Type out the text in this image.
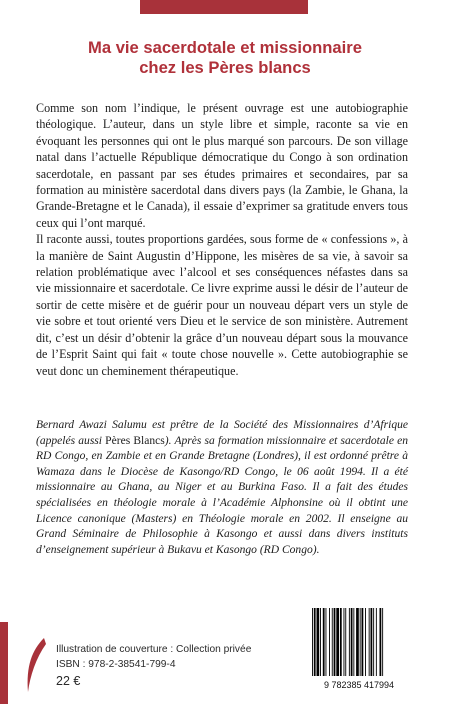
Ma vie sacerdotale et missionnaire
chez les Pères blancs

Comme son nom l’indique, le présent ouvrage est une autobiographie théologique. L’auteur, dans un style libre et simple, raconte sa vie en évoquant les personnes qui ont le plus marqué son parcours. De son village natal dans l’actuelle République démocratique du Congo à son ordination sacerdotale, en passant par ses études primaires et secondaires, par sa formation au ministère sacerdotal dans divers pays (la Zambie, le Ghana, la Grande-Bretagne et le Canada), il essaie d’exprimer sa gratitude envers tous ceux qui l’ont marqué.

Il raconte aussi, toutes proportions gardées, sous forme de « confessions », à la manière de Saint Augustin d’Hippone, les misères de sa vie, à savoir sa relation problématique avec l’alcool et ses conséquences néfastes dans sa vie missionnaire et sacerdotale. Ce livre exprime aussi le désir de l’auteur de sortir de cette misère et de guérir pour un nouveau départ vers un style de vie sobre et tout orienté vers Dieu et le service de son ministère. Autrement dit, c’est un désir d’obtenir la grâce d’un nouveau départ sous la mouvance de l’Esprit Saint qui fait « toute chose nouvelle ». Cette autobiographie se veut donc un cheminement thérapeutique.

Bernard Awazi Salumu est prêtre de la Société des Missionnaires d’Afrique (appelés aussi Pères Blancs). Après sa formation missionnaire et sacerdotale en RD Congo, en Zambie et en Grande Bretagne (Londres), il est ordonné prêtre à Wamaza dans le Diocèse de Kasongo/RD Congo, le 06 août 1994. Il a été missionnaire au Ghana, au Niger et au Burkina Faso. Il a fait des études spécialisées en théologie morale à l’Académie Alphonsine où il obtint une Licence canonique (Masters) en Théologie morale en 2002. Il enseigne au Grand Séminaire de Philosophie à Kasongo et aussi dans divers instituts d’enseignement supérieur à Bukavu et Kasongo (RD Congo).

Illustration de couverture : Collection privée
ISBN : 978-2-38541-799-4
22 €	9 782385 417994
